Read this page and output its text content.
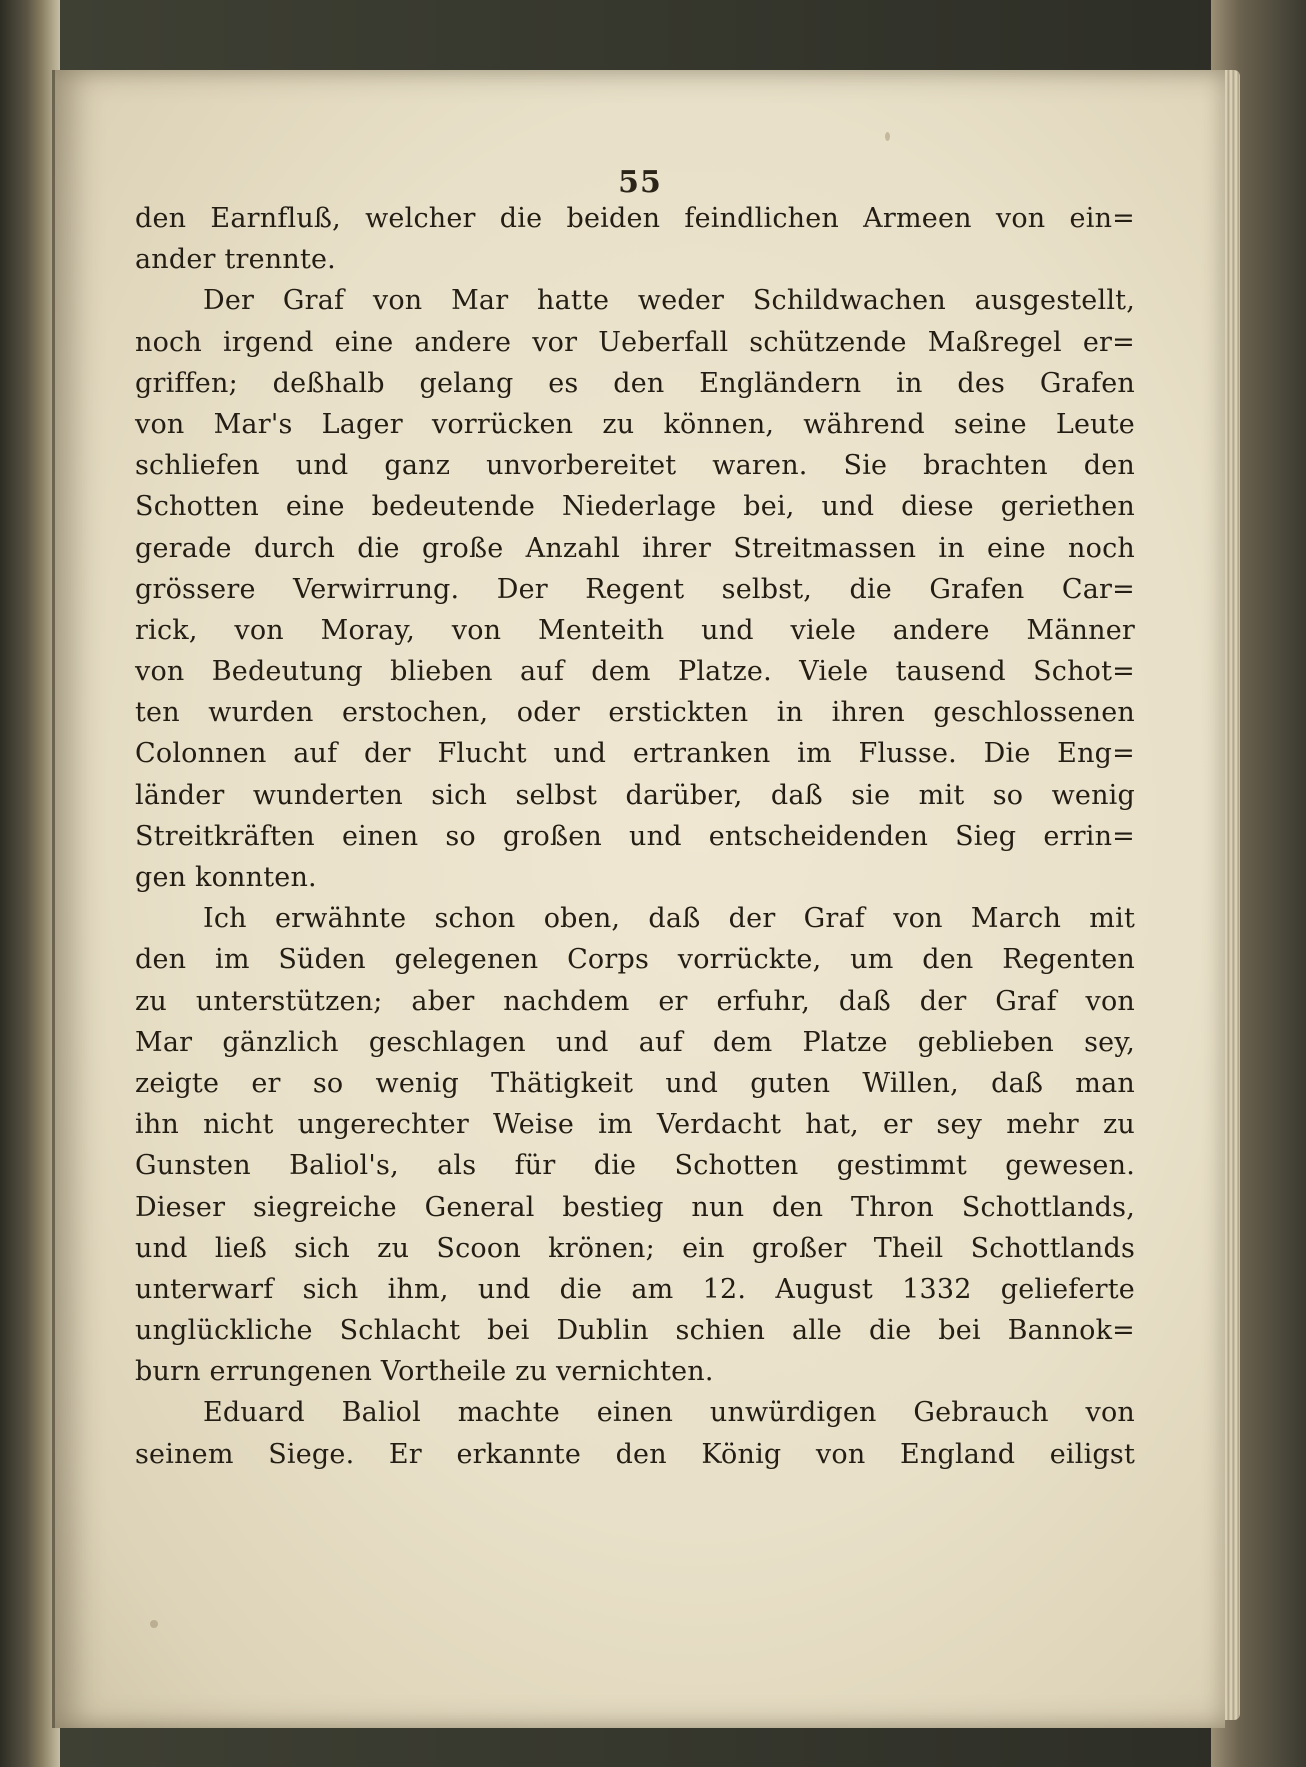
55
den Earnfluß, welcher die beiden feindlichen Armeen von ein=
ander trennte.
Der Graf von Mar hatte weder Schildwachen ausgestellt,
noch irgend eine andere vor Ueberfall schützende Maßregel er=
griffen; deßhalb gelang es den Engländern in des Grafen
von Mar's Lager vorrücken zu können, während seine Leute
schliefen und ganz unvorbereitet waren. Sie brachten den
Schotten eine bedeutende Niederlage bei, und diese geriethen
gerade durch die große Anzahl ihrer Streitmassen in eine noch
grössere Verwirrung. Der Regent selbst, die Grafen Car=
rick, von Moray, von Menteith und viele andere Männer
von Bedeutung blieben auf dem Platze. Viele tausend Schot=
ten wurden erstochen, oder erstickten in ihren geschlossenen
Colonnen auf der Flucht und ertranken im Flusse. Die Eng=
länder wunderten sich selbst darüber, daß sie mit so wenig
Streitkräften einen so großen und entscheidenden Sieg errin=
gen konnten.
Ich erwähnte schon oben, daß der Graf von March mit
den im Süden gelegenen Corps vorrückte, um den Regenten
zu unterstützen; aber nachdem er erfuhr, daß der Graf von
Mar gänzlich geschlagen und auf dem Platze geblieben sey,
zeigte er so wenig Thätigkeit und guten Willen, daß man
ihn nicht ungerechter Weise im Verdacht hat, er sey mehr zu
Gunsten Baliol's, als für die Schotten gestimmt gewesen.
Dieser siegreiche General bestieg nun den Thron Schottlands,
und ließ sich zu Scoon krönen; ein großer Theil Schottlands
unterwarf sich ihm, und die am 12. August 1332 gelieferte
unglückliche Schlacht bei Dublin schien alle die bei Bannok=
burn errungenen Vortheile zu vernichten.
Eduard Baliol machte einen unwürdigen Gebrauch von
seinem Siege. Er erkannte den König von England eiligst
